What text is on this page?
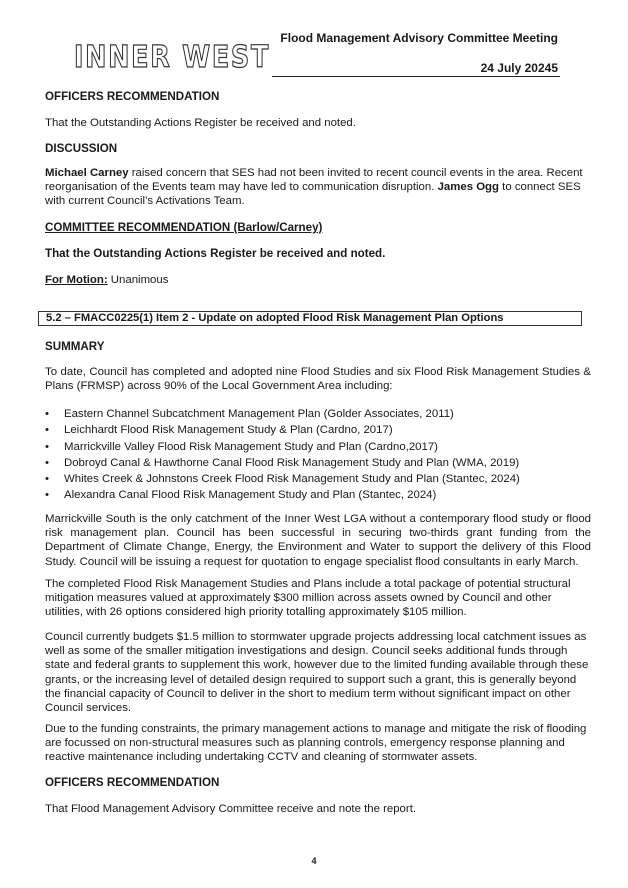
INNER WEST
Flood Management Advisory Committee Meeting
24 July 20245
OFFICERS RECOMMENDATION
That the Outstanding Actions Register be received and noted.
DISCUSSION
Michael Carney raised concern that SES had not been invited to recent council events in the area. Recent reorganisation of the Events team may have led to communication disruption. James Ogg to connect SES with current Council’s Activations Team.
COMMITTEE RECOMMENDATION (Barlow/Carney)
That the Outstanding Actions Register be received and noted.
For Motion: Unanimous
5.2 – FMACC0225(1) Item 2 - Update on adopted Flood Risk Management Plan Options
SUMMARY
To date, Council has completed and adopted nine Flood Studies and six Flood Risk Management Studies & Plans (FRMSP) across 90% of the Local Government Area including:
• Eastern Channel Subcatchment Management Plan (Golder Associates, 2011)
• Leichhardt Flood Risk Management Study & Plan (Cardno, 2017)
• Marrickville Valley Flood Risk Management Study and Plan (Cardno,2017)
• Dobroyd Canal & Hawthorne Canal Flood Risk Management Study and Plan (WMA, 2019)
• Whites Creek & Johnstons Creek Flood Risk Management Study and Plan (Stantec, 2024)
• Alexandra Canal Flood Risk Management Study and Plan (Stantec, 2024)
Marrickville South is the only catchment of the Inner West LGA without a contemporary flood study or flood risk management plan. Council has been successful in securing two-thirds grant funding from the Department of Climate Change, Energy, the Environment and Water to support the delivery of this Flood Study. Council will be issuing a request for quotation to engage specialist flood consultants in early March.
The completed Flood Risk Management Studies and Plans include a total package of potential structural mitigation measures valued at approximately $300 million across assets owned by Council and other utilities, with 26 options considered high priority totalling approximately $105 million.
Council currently budgets $1.5 million to stormwater upgrade projects addressing local catchment issues as well as some of the smaller mitigation investigations and design. Council seeks additional funds through state and federal grants to supplement this work, however due to the limited funding available through these grants, or the increasing level of detailed design required to support such a grant, this is generally beyond the financial capacity of Council to deliver in the short to medium term without significant impact on other Council services.
Due to the funding constraints, the primary management actions to manage and mitigate the risk of flooding are focussed on non-structural measures such as planning controls, emergency response planning and reactive maintenance including undertaking CCTV and cleaning of stormwater assets.
OFFICERS RECOMMENDATION
That Flood Management Advisory Committee receive and note the report.
4
